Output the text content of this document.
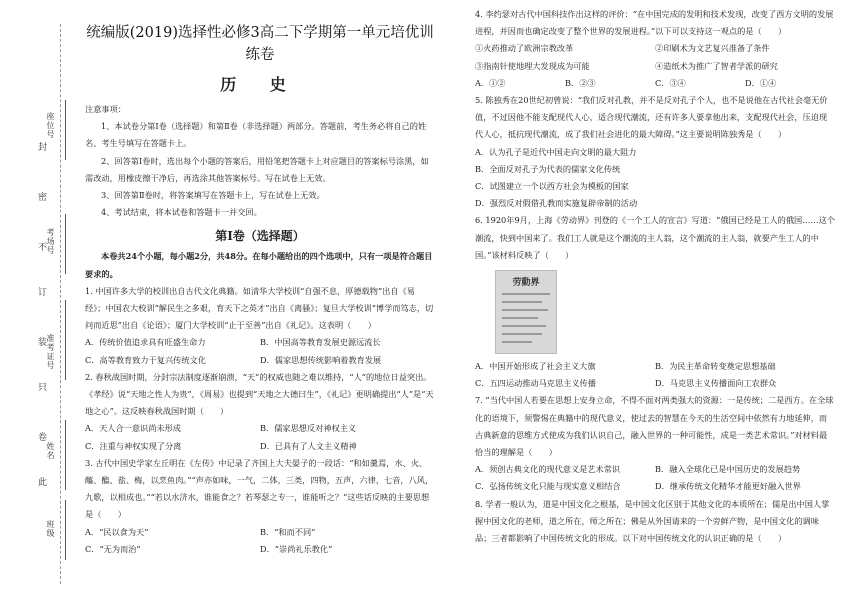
座位号
考场号
准考证号
姓名
班级
封
密
不
订
装
只
卷
此
统编版(2019)选择性必修3高二下学期第一单元培优训
练卷
历 史

注意事项：

1、本试卷分第Ⅰ卷（选择题）和第Ⅱ卷（非选择题）两部分。答题前，考生务必将自己的姓名、考生号填写在答题卡上。

2、回答第Ⅰ卷时，选出每个小题的答案后，用铅笔把答题卡上对应题目的答案标号涂黑，如需改动，用橡皮擦干净后，再选涂其他答案标号。写在试卷上无效。

3、回答第Ⅱ卷时，将答案填写在答题卡上，写在试卷上无效。

4、考试结束，将本试卷和答题卡一并交回。

第Ⅰ卷（选择题）

本卷共24个小题，每小题2分，共48分。在每小题给出的四个选项中，只有一项是符合题目要求的。

1. 中国许多大学的校训出自古代文化典籍。如清华大学校训“自强不息，厚德载物”出自《易经》；中国农大校训“解民生之多艰，育天下之英才”出自《离骚》；复旦大学校训“博学而笃志，切问而近思”出自《论语》；厦门大学校训“止于至善”出自《礼记》。这表明（　　）

A．传统价值追求具有旺盛生命力	B．中国高等教育发展史源远流长
C．高等教育致力于复兴传统文化	D．儒家思想传统影响着教育发展

2. 春秋战国时期，分封宗法制度逐渐崩溃，“天”的权威也随之难以维持，“人”的地位日益突出。《孝经》说“天地之性人为贵”，《周易》也提到“天地之大德曰生”，《礼记》更明确提出“人”是“天地之心”。这反映春秋战国时期（　　）

A．天人合一意识尚未形成	B．儒家思想反对神权主义
C．注重与神权实现了分离	D．已具有了人文主义精神

3. 古代中国史学家左丘明在《左传》中记录了齐国上大夫晏子的一段话：“和如羹焉，水、火、醯、醢、盐、梅，以烹鱼肉。”“声亦如味，一气，二体，三类，四物，五声，六律，七音，八风，九歌，以相成也。”“若以水济水，谁能食之？若琴瑟之专一，谁能听之？”这些话反映的主要思想是（　　）

A．“民以食为天”	B．“和而不同”
C．“无为而治”	D．“崇尚礼乐教化”

4. 李约瑟对古代中国科技作出这样的评价：“在中国完成的发明和技术发现，改变了西方文明的发展进程，并因而也确定改变了整个世界的发展进程。”以下可以支持这一观点的是（　　）

①火药推动了欧洲宗教改革	②印刷术为文艺复兴准备了条件
③指南针使地理大发现成为可能	④造纸术为推广了智者学派的研究
A．①②	B．②③	C．③④	D．①④

5. 陈独秀在20世纪初曾说：“我们反对孔教，并不是反对孔子个人，也不是说他在古代社会毫无价值，不过因他不能支配现代人心，适合现代潮流，还有许多人要拿他出来，支配现代社会，压迫现代人心，抵抗现代潮流，成了我们社会进化的最大障碍。”这主要说明陈独秀是（　　）

A．认为孔子是近代中国走向文明的最大阻力

B．全面反对孔子为代表的儒家文化传统

C．试图建立一个以西方社会为模板的国家

D．强烈反对假借孔教而实施复辟帝制的活动

6. 1920年9月，上海《劳动界》刊登的《一个工人的宣言》写道：“俄国已经是工人的俄国……这个潮流，快到中国来了。我们工人就是这个潮流的主人翁，这个潮流的主人翁，就要产生工人的中国。”该材料反映了（　　）

劳動界
A．中国开始形成了社会主义大旗	B．为民主革命转变奠定思想基础
C．五四运动推动马克思主义传播	D．马克思主义传播面向工农群众

7. “当代中国人若要在思想上安身立命，不得不面对两类强大的资源：一是传统；二是西方。在全球化的语境下，须警惕在典籍中的现代意义，使过去的智慧在今天的生活空间中依然有力地延伸，而古典新意的思维方式使成为我们认识自己，融入世界的一种可能性，成是一类艺术常识。”对材料最恰当的理解是（　　）

A．须创古典文化的现代意义是艺术常识	B．融入全球化已是中国历史的发展趋势
C．弘扬传统文化只能与现实意义相结合	D．继承传统文化精华才能更好融入世界

8. 学者一般认为，道是中国文化之根基，是中国文化区别于其他文化的本质所在；儒是出中国人掌握中国文化的老师，道之所在，师之所在；佛是从外国请来的一个旁鲜产物，是中国文化的调味品；三者都影响了中国传统文化的形成。以下对中国传统文化的认识正确的是（　　）
